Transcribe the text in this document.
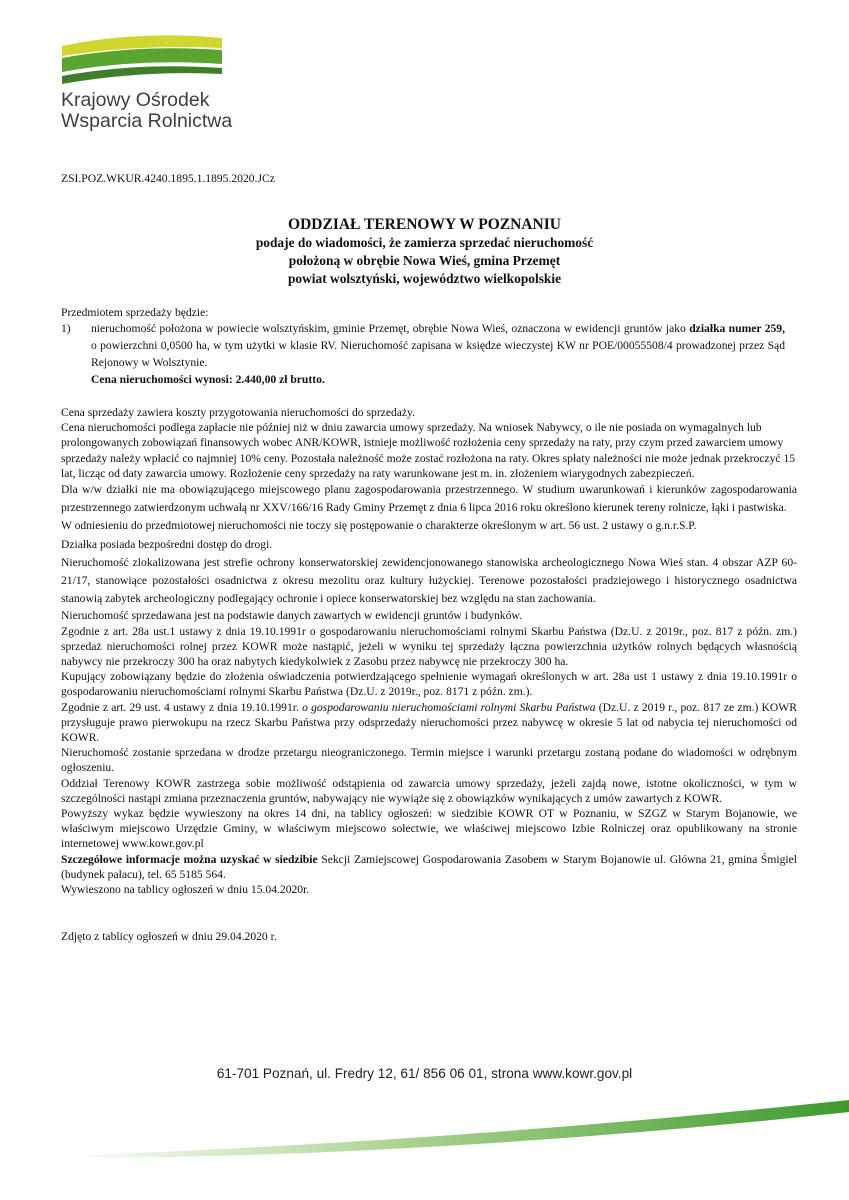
Krajowy Ośrodek
Wsparcia Rolnictwa
ZSI.POZ.WKUR.4240.1895.1.1895.2020.JCz
ODDZIAŁ TERENOWY W POZNANIU
podaje do wiadomości, że zamierza sprzedać nieruchomość
położoną w obrębie Nowa Wieś, gmina Przemęt
powiat wolsztyński, województwo wielkopolskie
Przedmiotem sprzedaży będzie:
1) nieruchomość położona w powiecie wolsztyńskim, gminie Przemęt, obrębie Nowa Wieś, oznaczona w ewidencji gruntów jako działka numer 259, o powierzchni 0,0500 ha, w tym użytki w klasie RV. Nieruchomość zapisana w księdze wieczystej KW nr POE/00055508/4 prowadzonej przez Sąd Rejonowy w Wolsztynie.
Cena nieruchomości wynosi: 2.440,00 zł brutto.

Cena sprzedaży zawiera koszty przygotowania nieruchomości do sprzedaży.

Cena nieruchomości podlega zapłacie nie później niż w dniu zawarcia umowy sprzedaży. Na wniosek Nabywcy, o ile nie posiada on wymagalnych lub prolongowanych zobowiązań finansowych wobec ANR/KOWR, istnieje możliwość rozłożenia ceny sprzedaży na raty, przy czym przed zawarciem umowy sprzedaży należy wpłacić co najmniej 10% ceny. Pozostała należność może zostać rozłożona na raty. Okres spłaty należności nie może jednak przekroczyć 15 lat, licząc od daty zawarcia umowy. Rozłożenie ceny sprzedaży na raty warunkowane jest m. in. złożeniem wiarygodnych zabezpieczeń.

Dla w/w działki nie ma obowiązującego miejscowego planu zagospodarowania przestrzennego. W studium uwarunkowań i kierunków zagospodarowania przestrzennego zatwierdzonym uchwałą nr XXV/166/16 Rady Gminy Przemęt z dnia 6 lipca 2016 roku określono kierunek tereny rolnicze, łąki i pastwiska.

W odniesieniu do przedmiotowej nieruchomości nie toczy się postępowanie o charakterze określonym w art. 56 ust. 2 ustawy o g.n.r.S.P.

Działka posiada bezpośredni dostęp do drogi.

Nieruchomość zlokalizowana jest strefie ochrony konserwatorskiej zewidencjonowanego stanowiska archeologicznego Nowa Wieś stan. 4 obszar AZP 60-21/17, stanowiące pozostałości osadnictwa z okresu mezolitu oraz kultury łużyckiej. Terenowe pozostałości pradziejowego i historycznego osadnictwa stanowią zabytek archeologiczny podlegający ochronie i opiece konserwatorskiej bez względu na stan zachowania.

Nieruchomość sprzedawana jest na podstawie danych zawartych w ewidencji gruntów i budynków.

Zgodnie z art. 28a ust.1 ustawy z dnia 19.10.1991r o gospodarowaniu nieruchomościami rolnymi Skarbu Państwa (Dz.U. z 2019r., poz. 817 z późn. zm.) sprzedaż nieruchomości rolnej przez KOWR może nastąpić, jeżeli w wyniku tej sprzedaży łączna powierzchnia użytków rolnych będących własnością nabywcy nie przekroczy 300 ha oraz nabytych kiedykolwiek z Zasobu przez nabywcę nie przekroczy 300 ha.

Kupujący zobowiązany będzie do złożenia oświadczenia potwierdzającego spełnienie wymagań określonych w art. 28a ust 1 ustawy z dnia 19.10.1991r o gospodarowaniu nieruchomościami rolnymi Skarbu Państwa (Dz.U. z 2019r., poz. 8171 z późn. zm.).

Zgodnie z art. 29 ust. 4 ustawy z dnia 19.10.1991r. o gospodarowaniu nieruchomościami rolnymi Skarbu Państwa (Dz.U. z 2019 r., poz. 817 ze zm.) KOWR przysługuje prawo pierwokupu na rzecz Skarbu Państwa przy odsprzedaży nieruchomości przez nabywcę w okresie 5 lat od nabycia tej nieruchomości od KOWR.

Nieruchomość zostanie sprzedana w drodze przetargu nieograniczonego. Termin miejsce i warunki przetargu zostaną podane do wiadomości w odrębnym ogłoszeniu.

Oddział Terenowy KOWR zastrzega sobie możliwość odstąpienia od zawarcia umowy sprzedaży, jeżeli zajdą nowe, istotne okoliczności, w tym w szczególności nastąpi zmiana przeznaczenia gruntów, nabywający nie wywiąże się z obowiązków wynikających z umów zawartych z KOWR.

Powyższy wykaz będzie wywieszony na okres 14 dni, na tablicy ogłoszeń: w siedzibie KOWR OT w Poznaniu, w SZGZ w Starym Bojanowie, we właściwym miejscowo Urzędzie Gminy, w właściwym miejscowo sołectwie, we właściwej miejscowo Izbie Rolniczej oraz opublikowany na stronie internetowej www.kowr.gov.pl

Szczegółowe informacje można uzyskać w siedzibie Sekcji Zamiejscowej Gospodarowania Zasobem w Starym Bojanowie ul. Główna 21, gmina Śmigiel (budynek pałacu), tel. 65 5185 564.

Wywieszono na tablicy ogłoszeń w dniu 15.04.2020r.

Zdjęto z tablicy ogłoszeń w dniu 29.04.2020 r.
61-701 Poznań, ul. Fredry 12, 61/ 856 06 01, strona www.kowr.gov.pl
